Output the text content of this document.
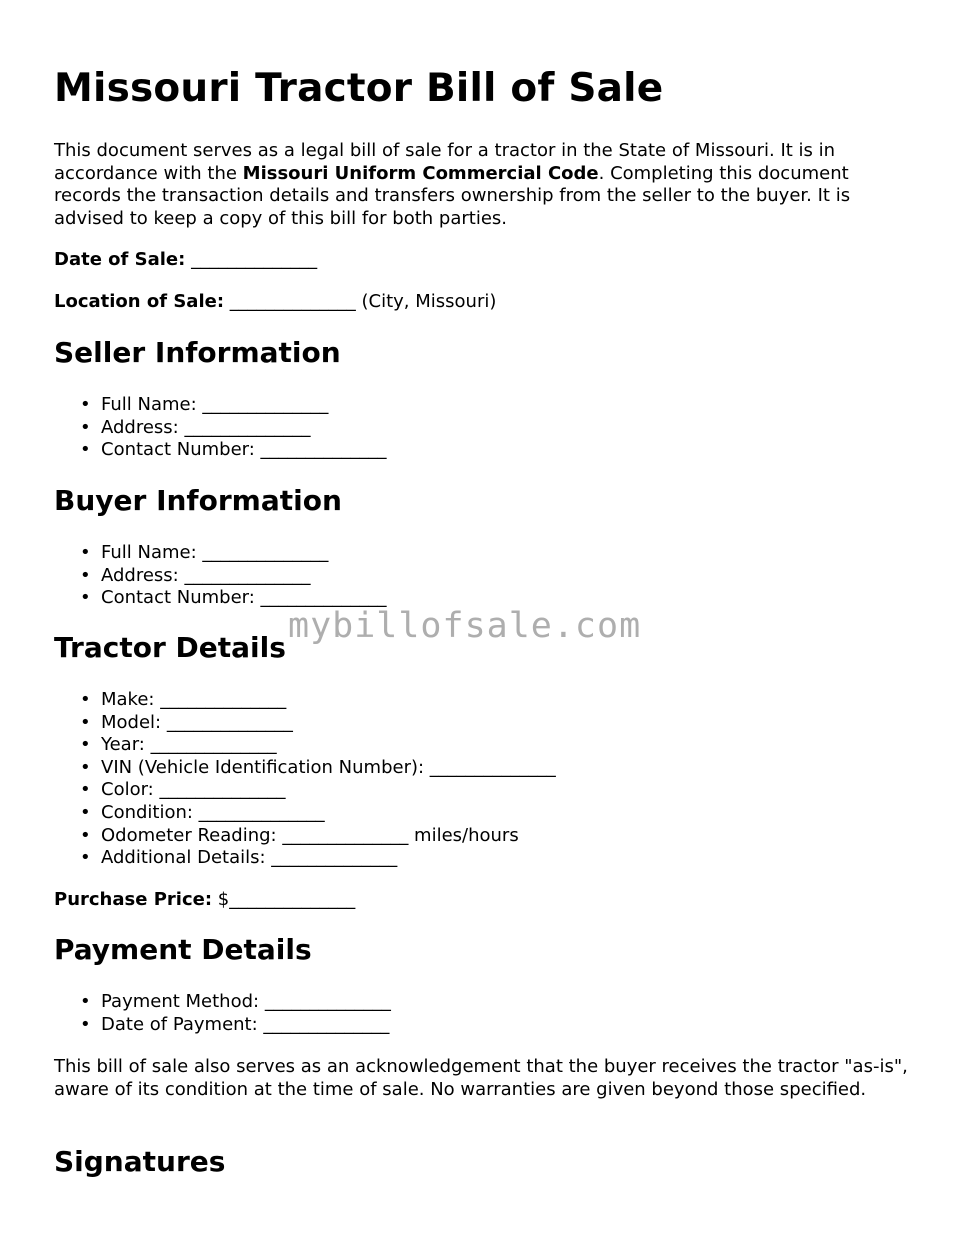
Missouri Tractor Bill of Sale

This document serves as a legal bill of sale for a tractor in the State of Missouri. It is in accordance with the Missouri Uniform Commercial Code. Completing this document records the transaction details and transfers ownership from the seller to the buyer. It is advised to keep a copy of this bill for both parties.

Date of Sale: ______________

Location of Sale: ______________ (City, Missouri)

Seller Information
• Full Name: ______________
• Address: ______________
• Contact Number: ______________
Buyer Information
• Full Name: ______________
• Address: ______________
• Contact Number: ______________
Tractor Details
• Make: ______________
• Model: ______________
• Year: ______________
• VIN (Vehicle Identification Number): ______________
• Color: ______________
• Condition: ______________
• Odometer Reading: ______________ miles/hours
• Additional Details: ______________

Purchase Price: $______________

Payment Details
• Payment Method: ______________
• Date of Payment: ______________

This bill of sale also serves as an acknowledgement that the buyer receives the tractor "as-is", aware of its condition at the time of sale. No warranties are given beyond those specified.

Signatures
mybillofsale.com
